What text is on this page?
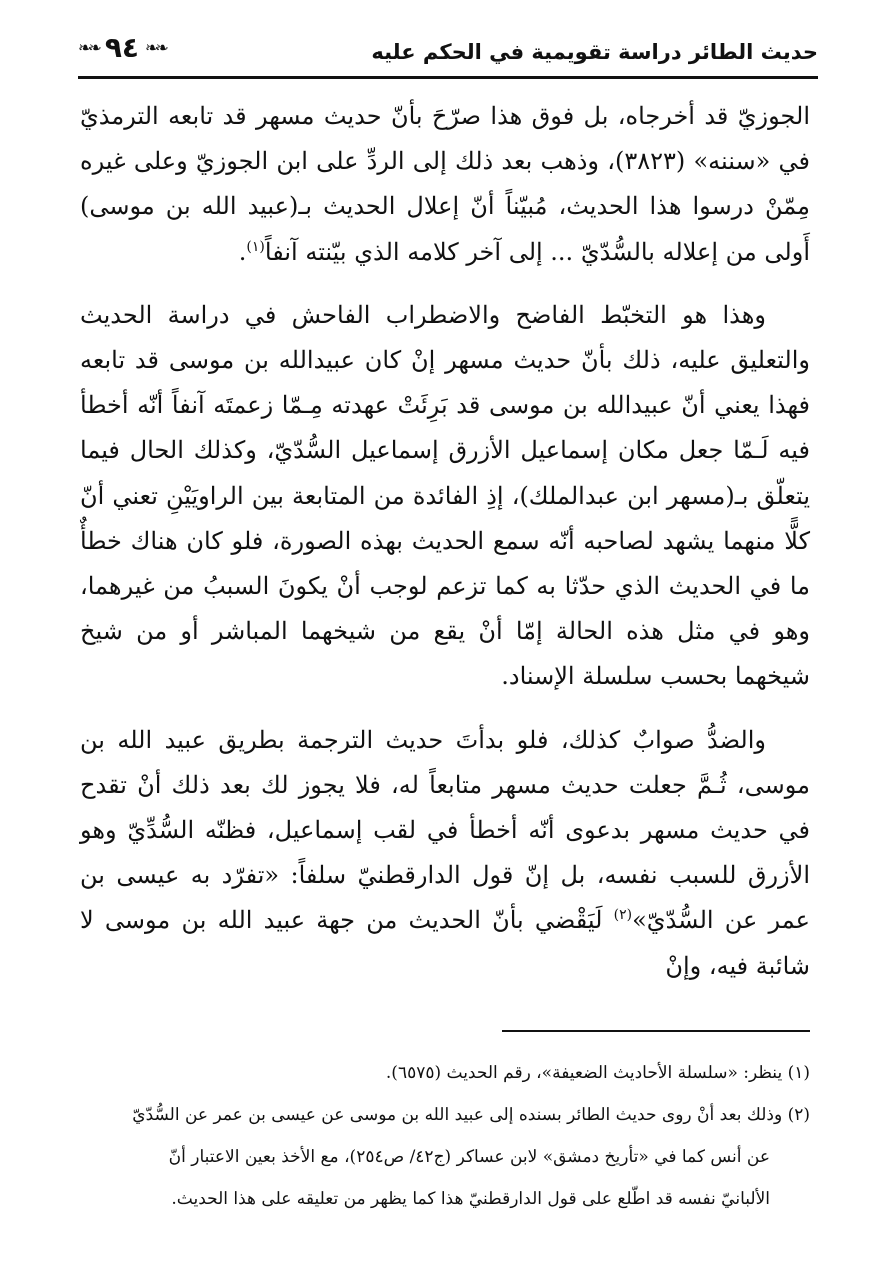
حديث الطائر دراسة تقويمية في الحكم عليه
❧❧ ٩٤ ❧❧

الجوزيّ قد أخرجاه، بل فوق هذا صرّحَ بأنّ حديث مسهر قد تابعه الترمذيّ في «سننه» (٣٨٢٣)، وذهب بعد ذلك إلى الردِّ على ابن الجوزيّ وعلى غيره مِمّنْ درسوا هذا الحديث، مُبيّناً أنّ إعلال الحديث بـ(عبيد الله بن موسى) أَولى من إعلاله بالسُّدّيّ ... إلى آخر كلامه الذي بيّنته آنفاً$^{(١)}$.

وهذا هو التخبّط الفاضح والاضطراب الفاحش في دراسة الحديث والتعليق عليه، ذلك بأنّ حديث مسهر إنْ كان عبيدالله بن موسى قد تابعه فهذا يعني أنّ عبيدالله بن موسى قد بَرِئَتْ عهدته مِـمّا زعمتَه آنفاً أنّه أخطأ فيه لَـمّا جعل مكان إسماعيل الأزرق إسماعيل السُّدّيّ، وكذلك الحال فيما يتعلّق بـ(مسهر ابن عبدالملك)، إذِ الفائدة من المتابعة بين الراويَيْنِ تعني أنّ كلًّا منهما يشهد لصاحبه أنّه سمع الحديث بهذه الصورة، فلو كان هناك خطأٌ ما في الحديث الذي حدّثا به كما تزعم لوجب أنْ يكونَ السببُ من غيرهما، وهو في مثل هذه الحالة إمّا أنْ يقع من شيخهما المباشر أو من شيخ شيخهما بحسب سلسلة الإسناد.

والضدُّ صوابٌ كذلك، فلو بدأتَ حديث الترجمة بطريق عبيد الله بن موسى، ثُـمَّ جعلت حديث مسهر متابعاً له، فلا يجوز لك بعد ذلك أنْ تقدح في حديث مسهر بدعوى أنّه أخطأ في لقب إسماعيل، فظنّه السُّدِّيّ وهو الأزرق للسبب نفسه، بل إنّ قول الدارقطنيّ سلفاً: «تفرّد به عيسى بن عمر عن السُّدّيّ»$^{(٢)}$ لَيَقْضي بأنّ الحديث من جهة عبيد الله بن موسى لا شائبة فيه، وإنْ

(١) ينظر: «سلسلة الأحاديث الضعيفة»، رقم الحديث (٦٥٧٥).

(٢) وذلك بعد أنْ روى حديث الطائر بسنده إلى عبيد الله بن موسى عن عيسى بن عمر عن السُّدّيّ

عن أنس كما في «تأريخ دمشق» لابن عساكر (ج٤٢/ ص٢٥٤)، مع الأخذ بعين الاعتبار أنّ

الألبانيّ نفسه قد اطّلع على قول الدارقطنيّ هذا كما يظهر من تعليقه على هذا الحديث.
